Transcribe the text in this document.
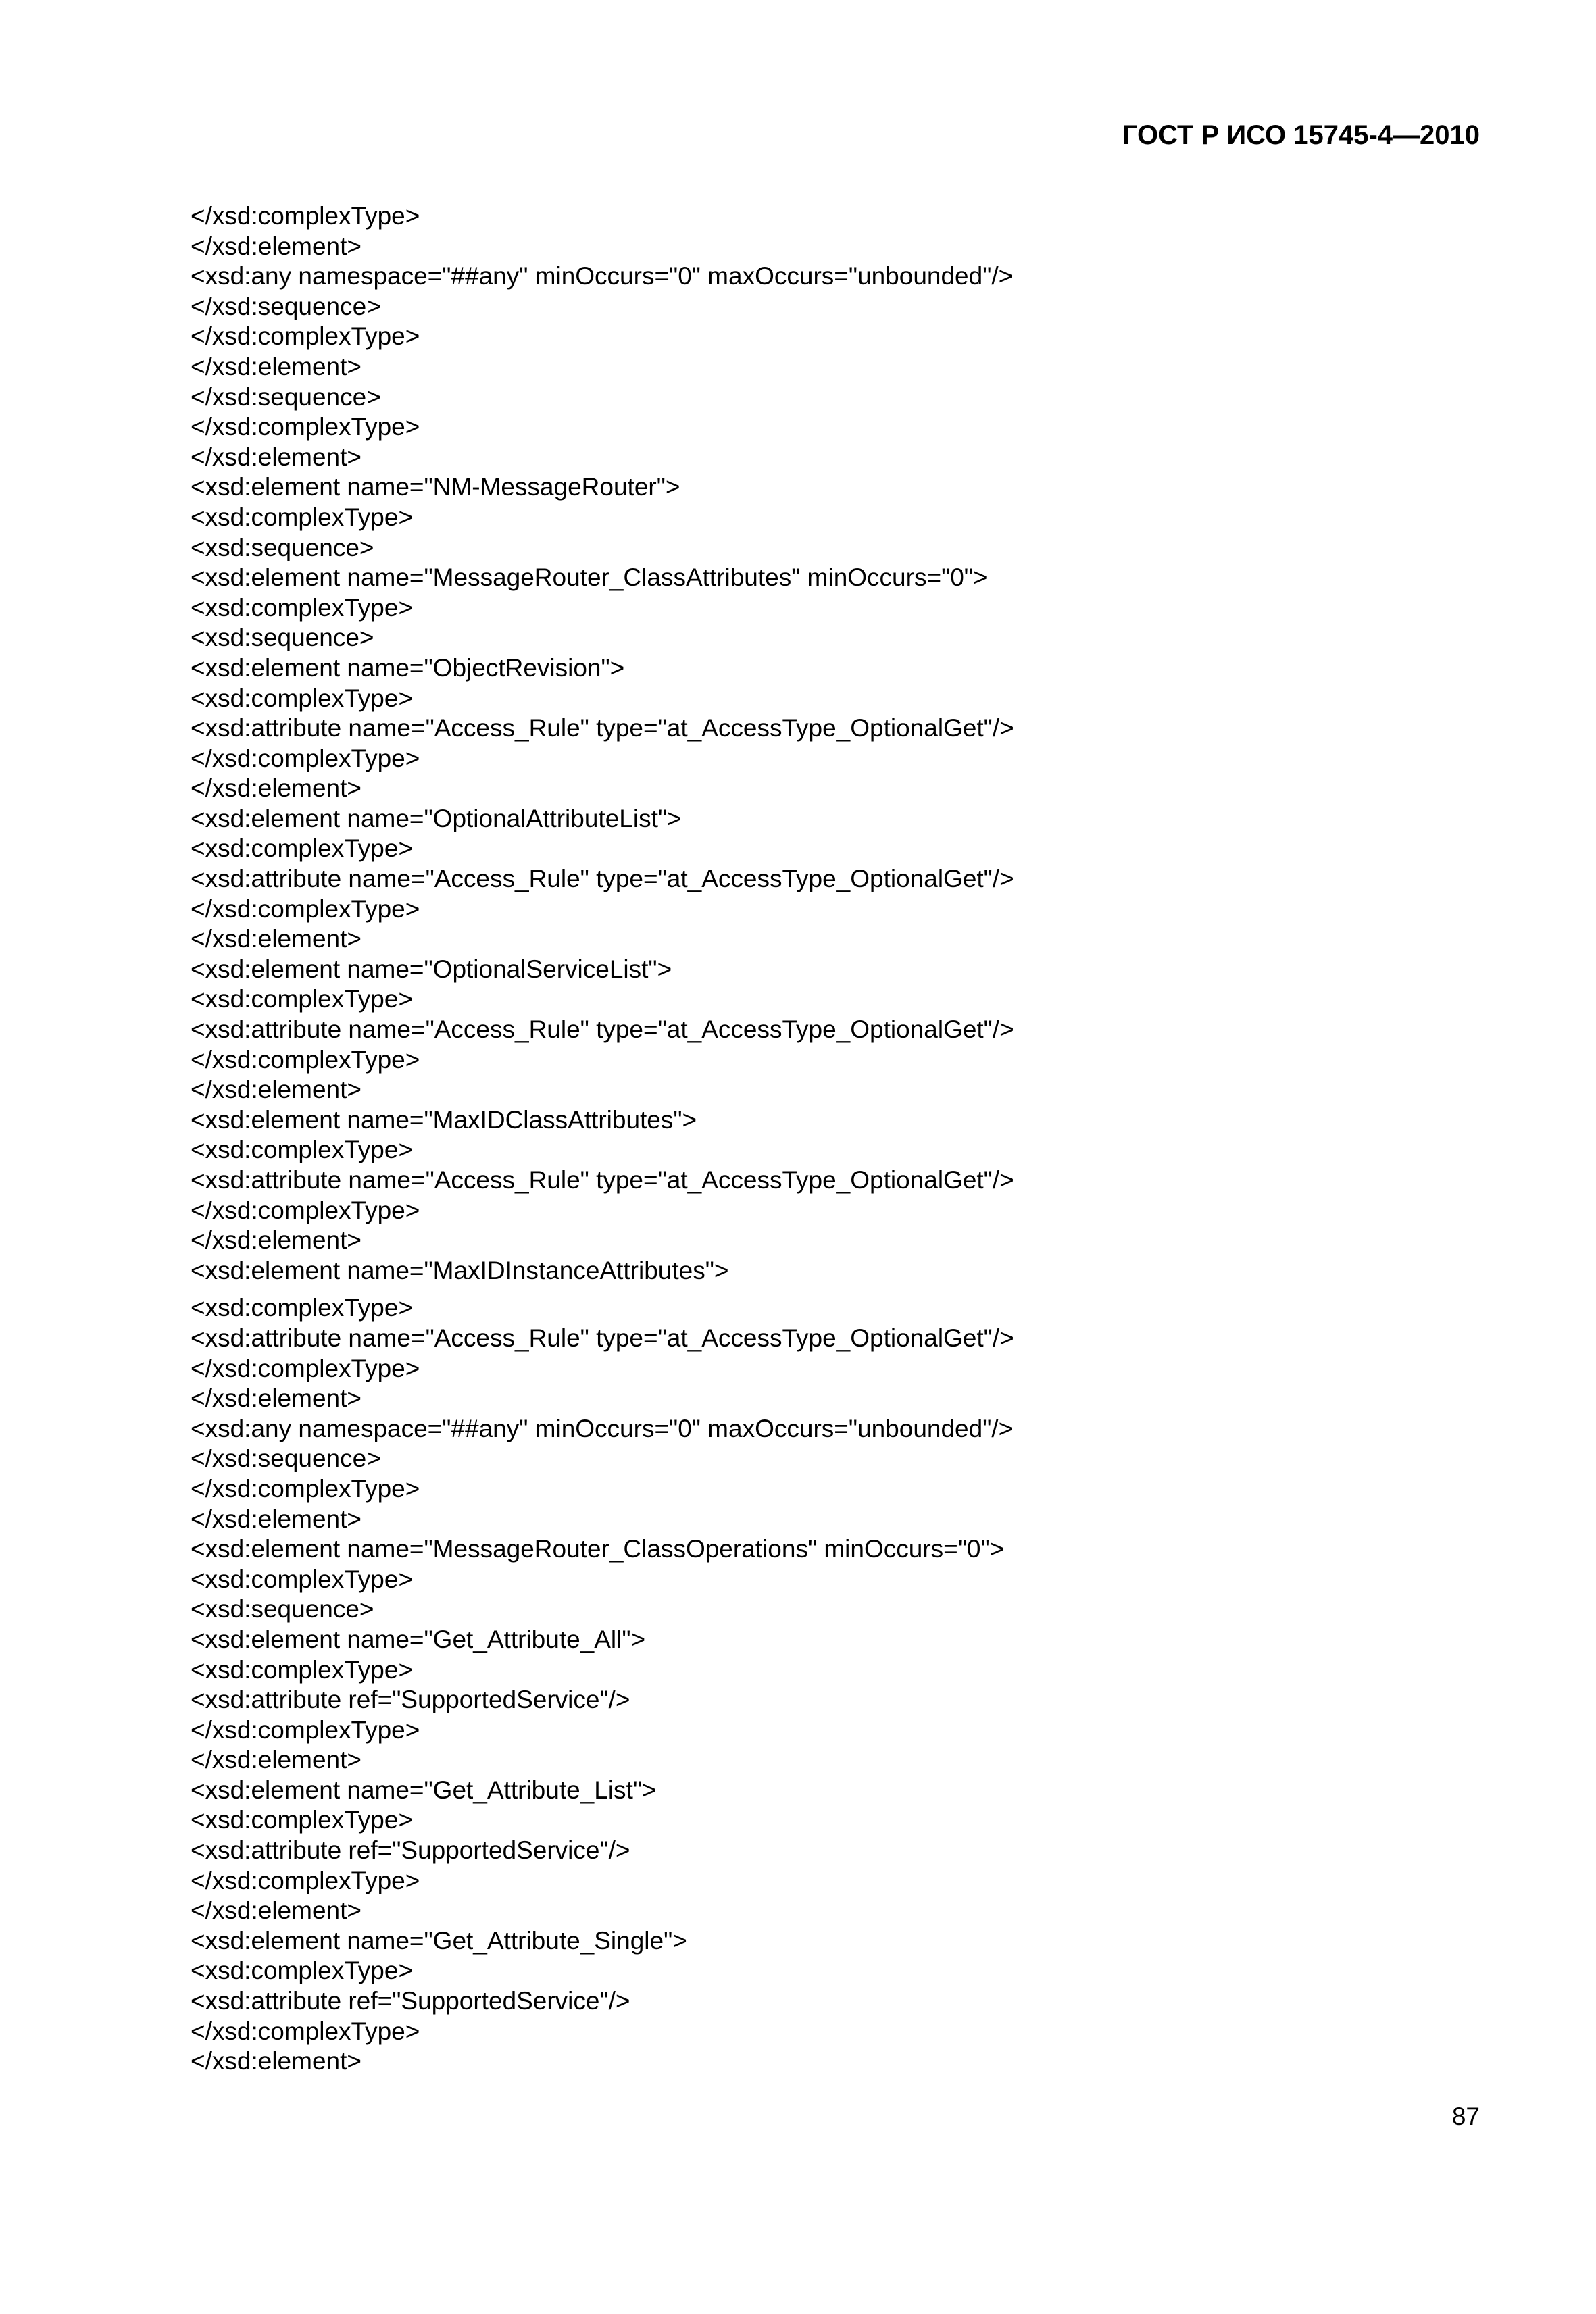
ГОСТ Р ИСО 15745-4—2010
</xsd:complexType>
</xsd:element>
<xsd:any namespace="##any" minOccurs="0" maxOccurs="unbounded"/>
</xsd:sequence>
</xsd:complexType>
</xsd:element>
</xsd:sequence>
</xsd:complexType>
</xsd:element>
<xsd:element name="NM-MessageRouter">
<xsd:complexType>
<xsd:sequence>
<xsd:element name="MessageRouter_ClassAttributes" minOccurs="0">
<xsd:complexType>
<xsd:sequence>
<xsd:element name="ObjectRevision">
<xsd:complexType>
<xsd:attribute name="Access_Rule" type="at_AccessType_OptionalGet"/>
</xsd:complexType>
</xsd:element>
<xsd:element name="OptionalAttributeList">
<xsd:complexType>
<xsd:attribute name="Access_Rule" type="at_AccessType_OptionalGet"/>
</xsd:complexType>
</xsd:element>
<xsd:element name="OptionalServiceList">
<xsd:complexType>
<xsd:attribute name="Access_Rule" type="at_AccessType_OptionalGet"/>
</xsd:complexType>
</xsd:element>
<xsd:element name="MaxIDClassAttributes">
<xsd:complexType>
<xsd:attribute name="Access_Rule" type="at_AccessType_OptionalGet"/>
</xsd:complexType>
</xsd:element>
<xsd:element name="MaxIDInstanceAttributes">
<xsd:complexType>
<xsd:attribute name="Access_Rule" type="at_AccessType_OptionalGet"/>
</xsd:complexType>
</xsd:element>
<xsd:any namespace="##any" minOccurs="0" maxOccurs="unbounded"/>
</xsd:sequence>
</xsd:complexType>
</xsd:element>
<xsd:element name="MessageRouter_ClassOperations" minOccurs="0">
<xsd:complexType>
<xsd:sequence>
<xsd:element name="Get_Attribute_All">
<xsd:complexType>
<xsd:attribute ref="SupportedService"/>
</xsd:complexType>
</xsd:element>
<xsd:element name="Get_Attribute_List">
<xsd:complexType>
<xsd:attribute ref="SupportedService"/>
</xsd:complexType>
</xsd:element>
<xsd:element name="Get_Attribute_Single">
<xsd:complexType>
<xsd:attribute ref="SupportedService"/>
</xsd:complexType>
</xsd:element>
87
